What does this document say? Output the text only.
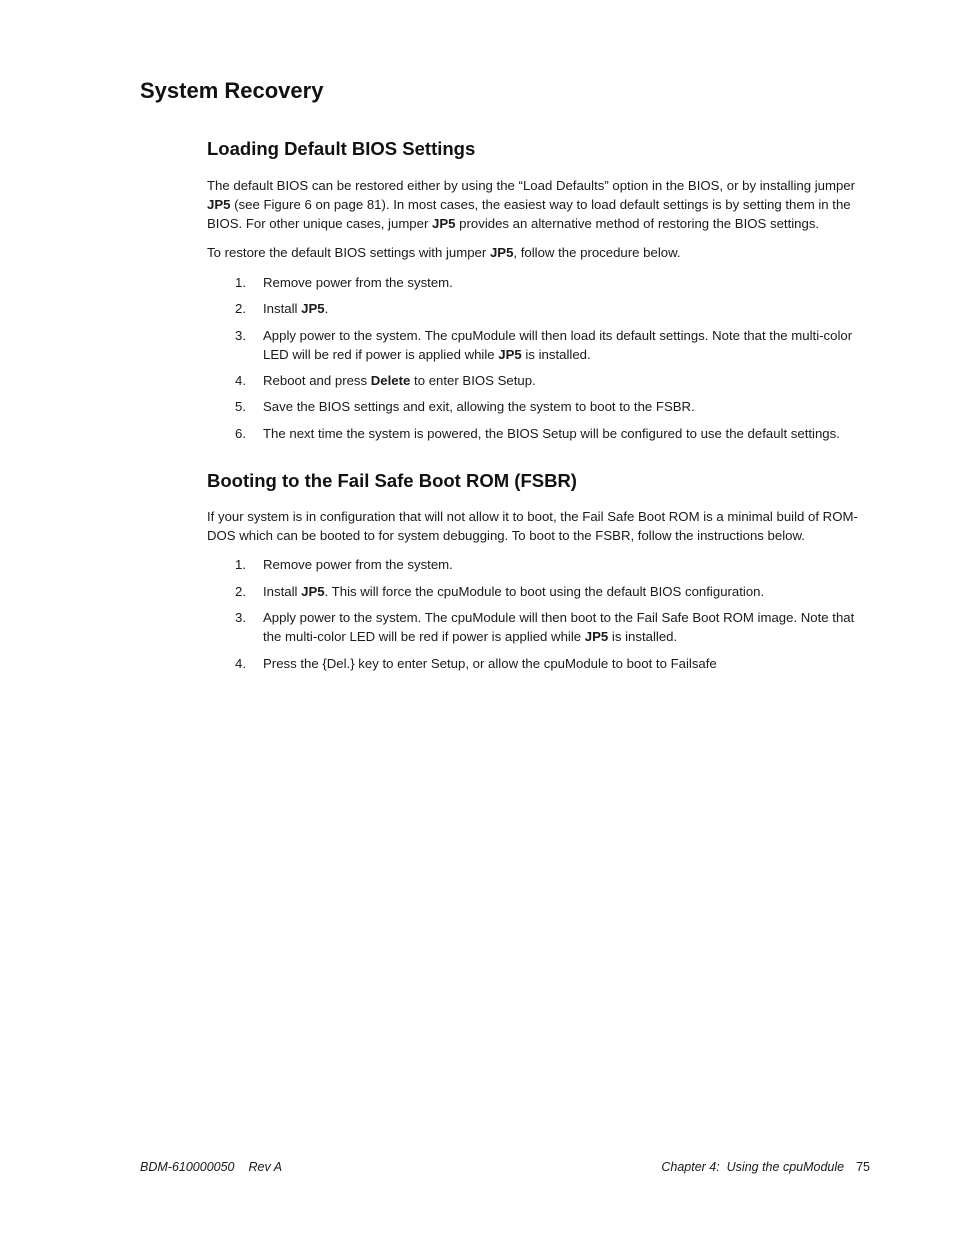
System Recovery
Loading Default BIOS Settings

The default BIOS can be restored either by using the “Load Defaults” option in the BIOS, or by installing jumper JP5 (see Figure 6 on page 81). In most cases, the easiest way to load default settings is by setting them in the BIOS. For other unique cases, jumper JP5 provides an alternative method of restoring the BIOS settings.

To restore the default BIOS settings with jumper JP5, follow the procedure below.

1.	Remove power from the system.
2.	Install JP5.
3.	Apply power to the system. The cpuModule will then load its default settings. Note that the multi-color LED will be red if power is applied while JP5 is installed.
4.	Reboot and press Delete to enter BIOS Setup.
5.	Save the BIOS settings and exit, allowing the system to boot to the FSBR.
6.	The next time the system is powered, the BIOS Setup will be configured to use the default settings.
Booting to the Fail Safe Boot ROM (FSBR)

If your system is in configuration that will not allow it to boot, the Fail Safe Boot ROM is a minimal build of ROM-DOS which can be booted to for system debugging. To boot to the FSBR, follow the instructions below.

1.	Remove power from the system.
2.	Install JP5. This will force the cpuModule to boot using the default BIOS configuration.
3.	Apply power to the system. The cpuModule will then boot to the Fail Safe Boot ROM image. Note that the multi-color LED will be red if power is applied while JP5 is installed.
4.	Press the {Del.} key to enter Setup, or allow the cpuModule to boot to Failsafe
BDM-610000050 Rev A	Chapter 4:  Using the cpuModule 75
